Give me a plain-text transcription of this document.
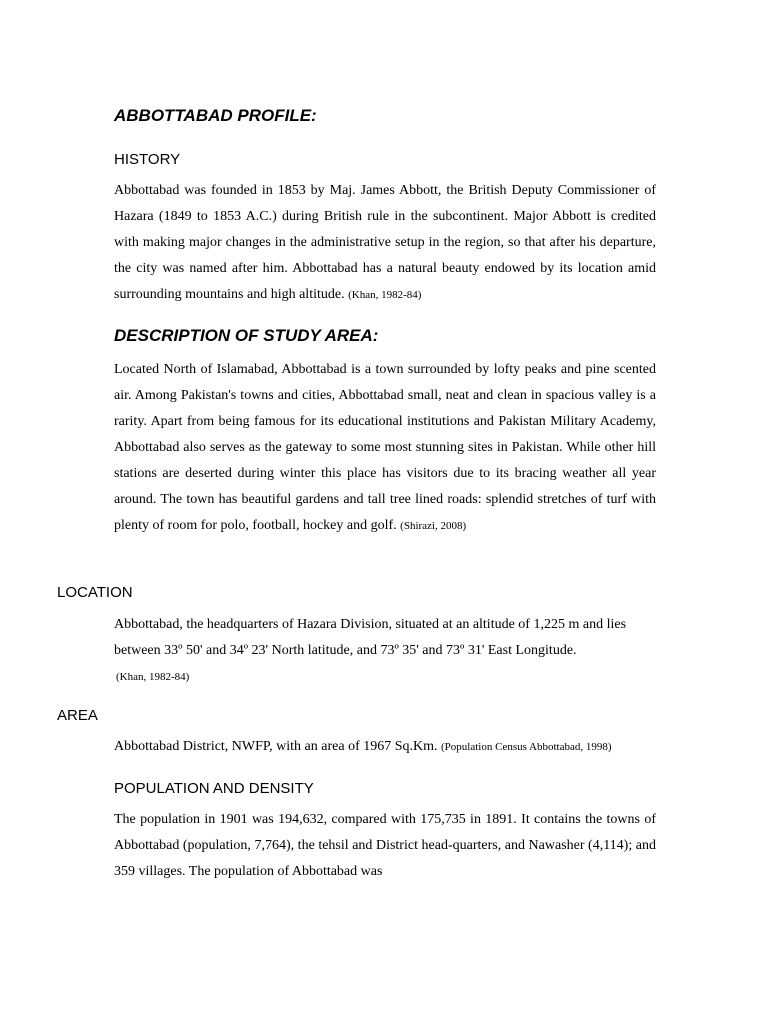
ABBOTTABAD PROFILE:
HISTORY

Abbottabad was founded in 1853 by Maj. James Abbott, the British Deputy Commissioner of Hazara (1849 to 1853 A.C.) during British rule in the subcontinent. Major Abbott is credited with making major changes in the administrative setup in the region, so that after his departure, the city was named after him. Abbottabad has a natural beauty endowed by its location amid surrounding mountains and high altitude. (Khan, 1982-84)

DESCRIPTION OF STUDY AREA:

Located North of Islamabad, Abbottabad is a town surrounded by lofty peaks and pine scented air. Among Pakistan's towns and cities, Abbottabad small, neat and clean in spacious valley is a rarity. Apart from being famous for its educational institutions and Pakistan Military Academy, Abbottabad also serves as the gateway to some most stunning sites in Pakistan. While other hill stations are deserted during winter this place has visitors due to its bracing weather all year around. The town has beautiful gardens and tall tree lined roads: splendid stretches of turf with plenty of room for polo, football, hockey and golf. (Shirazi, 2008)

LOCATION

Abbottabad, the headquarters of Hazara Division, situated at an altitude of 1,225 m and lies
between 33º 50' and 34º 23' North latitude, and 73º 35' and 73º 31' East Longitude.

(Khan, 1982-84)

AREA

Abbottabad District, NWFP, with an area of 1967 Sq.Km. (Population Census Abbottabad, 1998)

POPULATION AND DENSITY

The population in 1901 was 194,632, compared with 175,735 in 1891. It contains the towns of Abbottabad (population, 7,764), the tehsil and District head-quarters, and Nawasher (4,114); and 359 villages. The population of Abbottabad was
